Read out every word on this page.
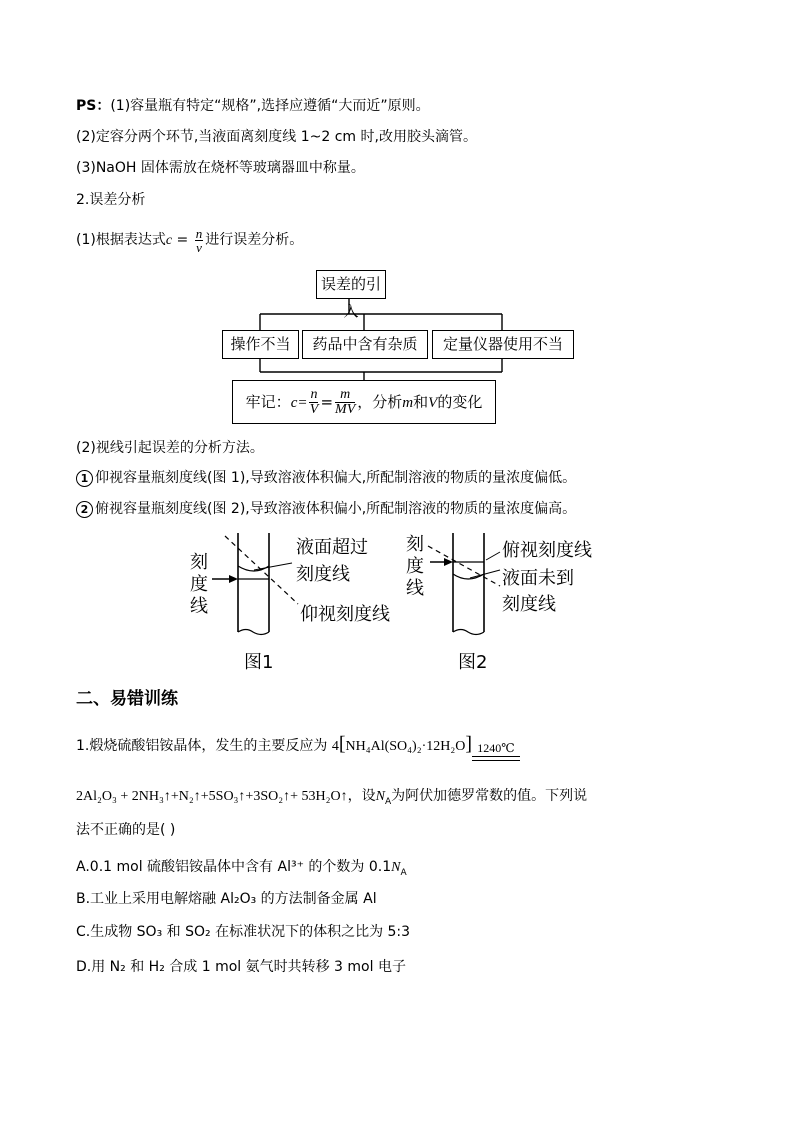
PS：(1)容量瓶有特定“规格”,选择应遵循“大而近”原则。
(2)定容分两个环节,当液面离刻度线 1~2 cm 时,改用胶头滴管。
(3)NaOH 固体需放在烧杯等玻璃器皿中称量。
2.误差分析
(1)根据表达式$c = \frac{n}{v}$ 进行误差分析。
误差的引入
操作不当	药品中含有杂质	定量仪器使用不当
牢记：$c= \frac{n}{V} = \frac{m}{MV}$ ，分析m和V的变化
(2)视线引起误差的分析方法。
1 仰视容量瓶刻度线(图 1),导致溶液体积偏大,所配制溶液的物质的量浓度偏低。
2 俯视容量瓶刻度线(图 2),导致溶液体积偏小,所配制溶液的物质的量浓度偏高。
刻
度
线
液面超过
刻度线
仰视刻度线
图1
刻
度
线
俯视刻度线
液面未到
刻度线
图2
二、易错训练
1.煅烧硫酸铝铵晶体，发生的主要反应为 4[NH₄Al(SO₄)₂·12H₂O] 1240℃
2Al₂O₃ + 2NH₃↑+N₂↑+5SO₃↑+3SO₂↑+ 53H₂O↑，设$N_A$为阿伏加德罗常数的值。下列说
法不正确的是( )
A.0.1 mol 硫酸铝铵晶体中含有 Al³⁺ 的个数为 $0.1N_A$
B.工业上采用电解熔融 Al₂O₃ 的方法制备金属 Al
C.生成物 SO₃ 和 SO₂ 在标准状况下的体积之比为 5:3
D.用 N₂ 和 H₂ 合成 1 mol 氨气时共转移 3 mol 电子
